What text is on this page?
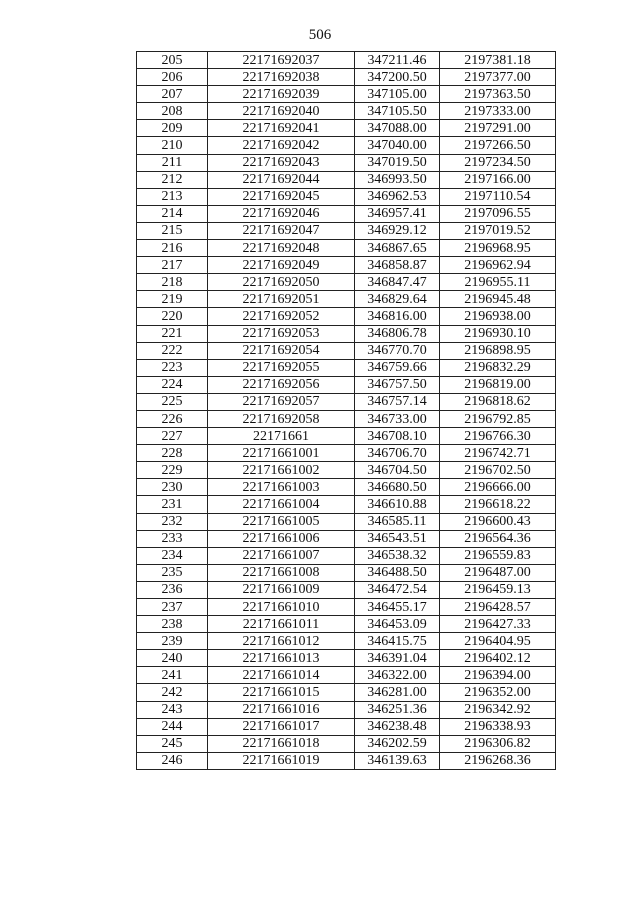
506
205	22171692037	347211.46	2197381.18
206	22171692038	347200.50	2197377.00
207	22171692039	347105.00	2197363.50
208	22171692040	347105.50	2197333.00
209	22171692041	347088.00	2197291.00
210	22171692042	347040.00	2197266.50
211	22171692043	347019.50	2197234.50
212	22171692044	346993.50	2197166.00
213	22171692045	346962.53	2197110.54
214	22171692046	346957.41	2197096.55
215	22171692047	346929.12	2197019.52
216	22171692048	346867.65	2196968.95
217	22171692049	346858.87	2196962.94
218	22171692050	346847.47	2196955.11
219	22171692051	346829.64	2196945.48
220	22171692052	346816.00	2196938.00
221	22171692053	346806.78	2196930.10
222	22171692054	346770.70	2196898.95
223	22171692055	346759.66	2196832.29
224	22171692056	346757.50	2196819.00
225	22171692057	346757.14	2196818.62
226	22171692058	346733.00	2196792.85
227	22171661	346708.10	2196766.30
228	22171661001	346706.70	2196742.71
229	22171661002	346704.50	2196702.50
230	22171661003	346680.50	2196666.00
231	22171661004	346610.88	2196618.22
232	22171661005	346585.11	2196600.43
233	22171661006	346543.51	2196564.36
234	22171661007	346538.32	2196559.83
235	22171661008	346488.50	2196487.00
236	22171661009	346472.54	2196459.13
237	22171661010	346455.17	2196428.57
238	22171661011	346453.09	2196427.33
239	22171661012	346415.75	2196404.95
240	22171661013	346391.04	2196402.12
241	22171661014	346322.00	2196394.00
242	22171661015	346281.00	2196352.00
243	22171661016	346251.36	2196342.92
244	22171661017	346238.48	2196338.93
245	22171661018	346202.59	2196306.82
246	22171661019	346139.63	2196268.36
